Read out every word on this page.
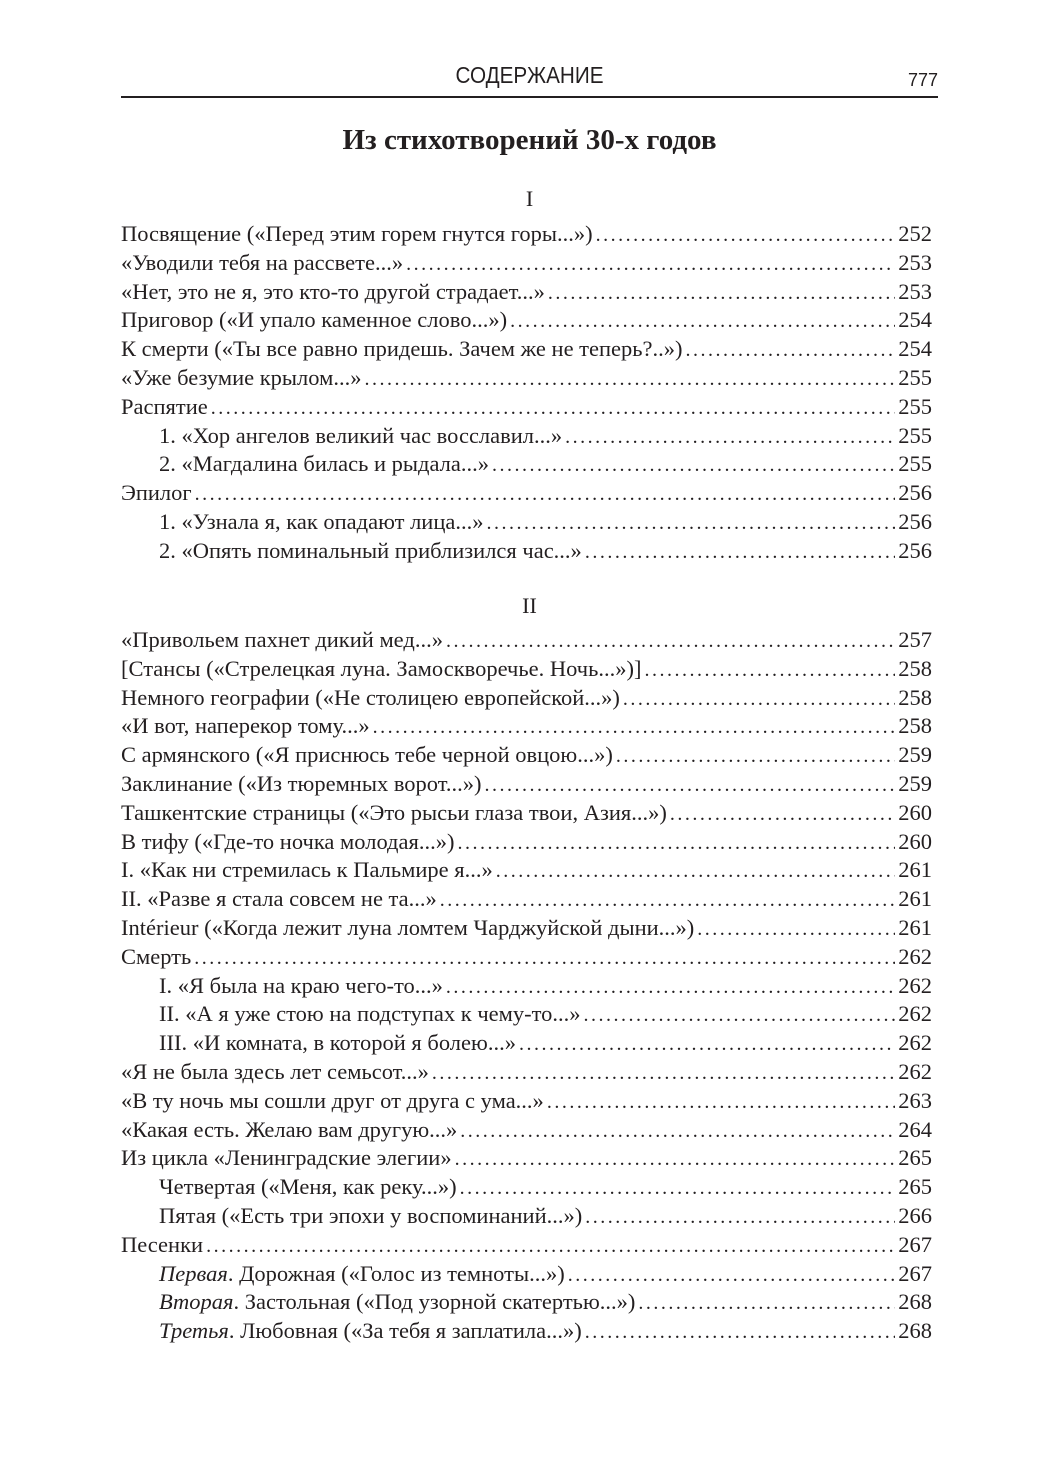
СОДЕРЖАНИЕ	777
Из стихотворений 30-х годов
I
Посвящение («Перед этим горем гнутся горы...») . . .	252
«Уводили тебя на рассвете...» . . .	253
«Нет, это не я, это кто-то другой страдает...» . . .	253
Приговор («И упало каменное слово...») . . .	254
К смерти («Ты все равно придешь. Зачем же не теперь?..») . . .	254
«Уже безумие крылом...» . . .	255
Распятие . . .	255
1. «Хор ангелов великий час восславил...» . . .	255
2. «Магдалина билась и рыдала...» . . .	255
Эпилог . . .	256
1. «Узнала я, как опадают лица...» . . .	256
2. «Опять поминальный приблизился час...» . . .	256
II
«Привольем пахнет дикий мед...» . . .	257
[Стансы («Стрелецкая луна. Замоскворечье. Ночь...»)] . . .	258
Немного географии («Не столицею европейской...») . . .	258
«И вот, наперекор тому...» . . .	258
С армянского («Я приснюсь тебе черной овцою...») . . .	259
Заклинание («Из тюремных ворот...») . . .	259
Ташкентские страницы («Это рысьи глаза твои, Азия...») . . .	260
В тифу («Где-то ночка молодая...») . . .	260
I. «Как ни стремилась к Пальмире я...» . . .	261
II. «Разве я стала совсем не та...» . . .	261
Intérieur («Когда лежит луна ломтем Чарджуйской дыни...») . . .	261
Смерть . . .	262
I. «Я была на краю чего-то...» . . .	262
II. «А я уже стою на подступах к чему-то...» . . .	262
III. «И комната, в которой я болею...» . . .	262
«Я не была здесь лет семьсот...» . . .	262
«В ту ночь мы сошли друг от друга с ума...» . . .	263
«Какая есть. Желаю вам другую...» . . .	264
Из цикла «Ленинградские элегии» . . .	265
Четвертая («Меня, как реку...») . . .	265
Пятая («Есть три эпохи у воспоминаний...») . . .	266
Песенки . . .	267
Первая. Дорожная («Голос из темноты...») . . .	267
Вторая. Застольная («Под узорной скатертью...») . . .	268
Третья. Любовная («За тебя я заплатила...») . . .	268
